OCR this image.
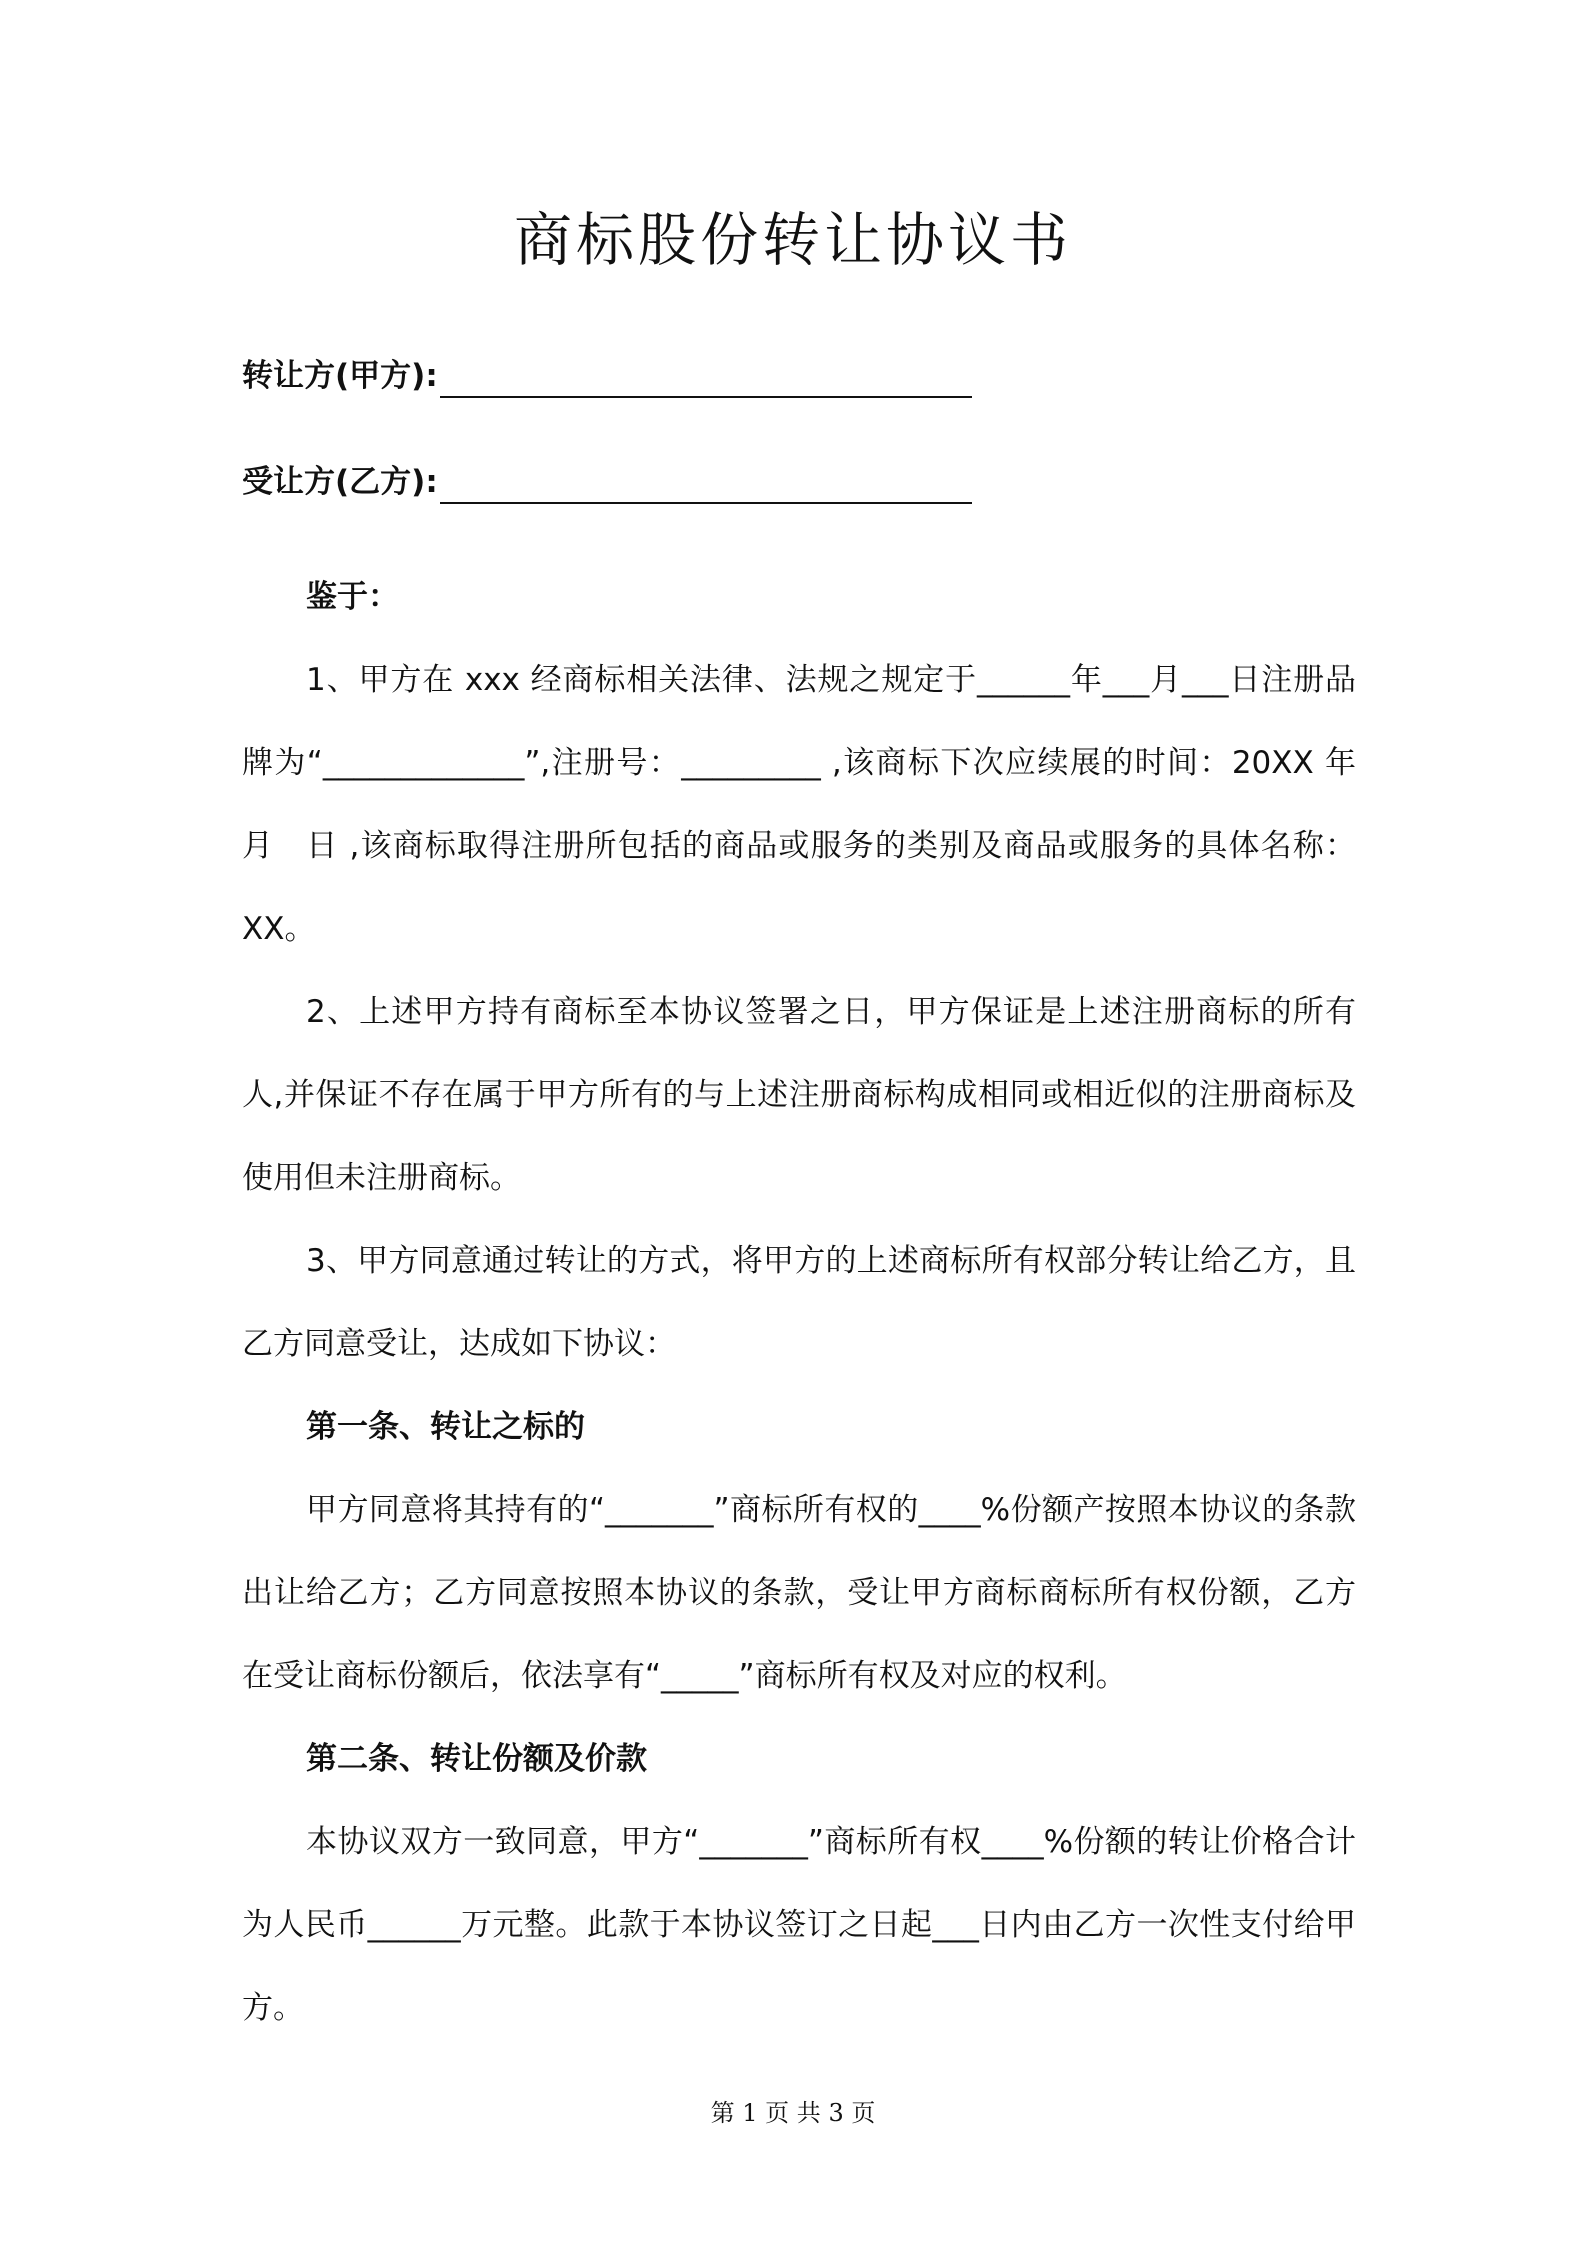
商标股份转让协议书
转让方(甲方):
受让方(乙方):

鉴于：

1、甲方在 xxx 经商标相关法律、法规之规定于______年___月___日注册品牌为“_____________”,注册号：_________ ,该商标下次应续展的时间：20XX 年　月　日 ,该商标取得注册所包括的商品或服务的类别及商品或服务的具体名称：XX。

2、上述甲方持有商标至本协议签署之日，甲方保证是上述注册商标的所有人,并保证不存在属于甲方所有的与上述注册商标构成相同或相近似的注册商标及使用但未注册商标。

3、甲方同意通过转让的方式，将甲方的上述商标所有权部分转让给乙方，且乙方同意受让，达成如下协议：

第一条、转让之标的

甲方同意将其持有的“_______”商标所有权的____%份额产按照本协议的条款出让给乙方；乙方同意按照本协议的条款，受让甲方商标商标所有权份额，乙方在受让商标份额后，依法享有“_____”商标所有权及对应的权利。

第二条、转让份额及价款

本协议双方一致同意，甲方“_______”商标所有权____%份额的转让价格合计为人民币______万元整。此款于本协议签订之日起___日内由乙方一次性支付给甲方。

第 1 页 共 3 页
